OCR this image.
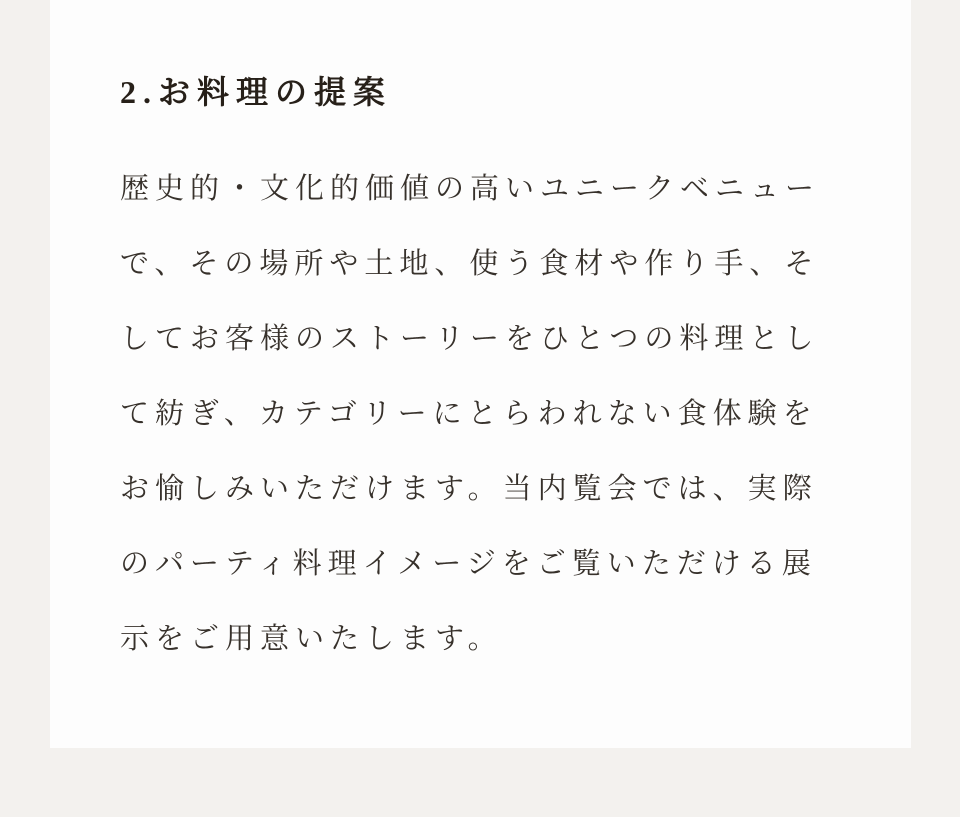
2.お料理の提案
歴史的・文化的価値の高いユニークベニュー
で、その場所や土地、使う食材や作り手、そ
してお客様のストーリーをひとつの料理とし
て紡ぎ、カテゴリーにとらわれない食体験を
お愉しみいただけます。当内覧会では、実際
のパーティ料理イメージをご覧いただける展
示をご用意いたします。
